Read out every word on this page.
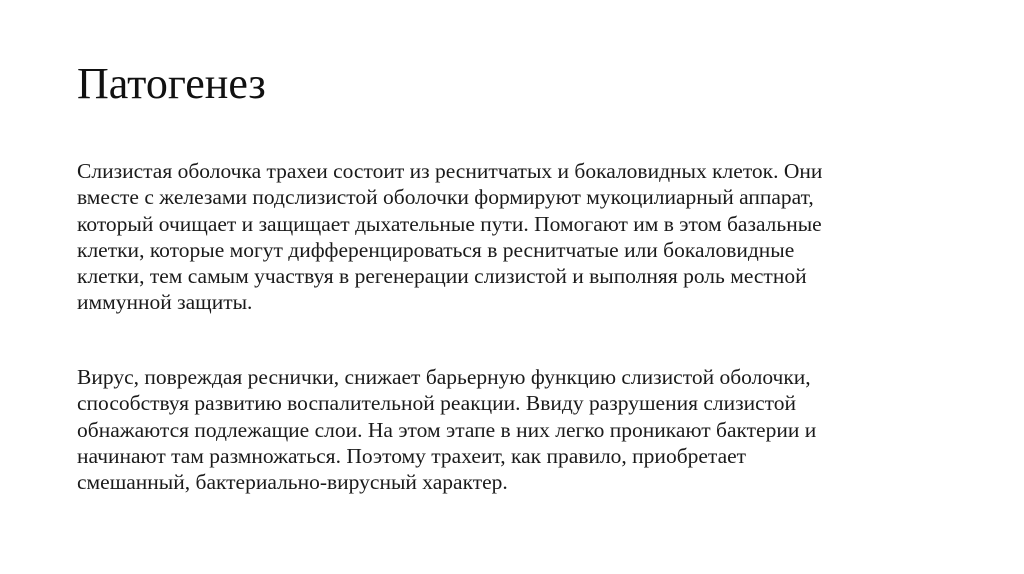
Патогенез
Слизистая оболочка трахеи состоит из реснитчатых и бокаловидных клеток. Они
вместе с железами подслизистой оболочки формируют мукоцилиарный аппарат,
который очищает и защищает дыхательные пути. Помогают им в этом базальные
клетки, которые могут дифференцироваться в реснитчатые или бокаловидные
клетки, тем самым участвуя в регенерации слизистой и выполняя роль местной
иммунной защиты.
Вирус, повреждая реснички, снижает барьерную функцию слизистой оболочки,
способствуя развитию воспалительной реакции. Ввиду разрушения слизистой
обнажаются подлежащие слои. На этом этапе в них легко проникают бактерии и
начинают там размножаться. Поэтому трахеит, как правило, приобретает
смешанный, бактериально-вирусный характер.
